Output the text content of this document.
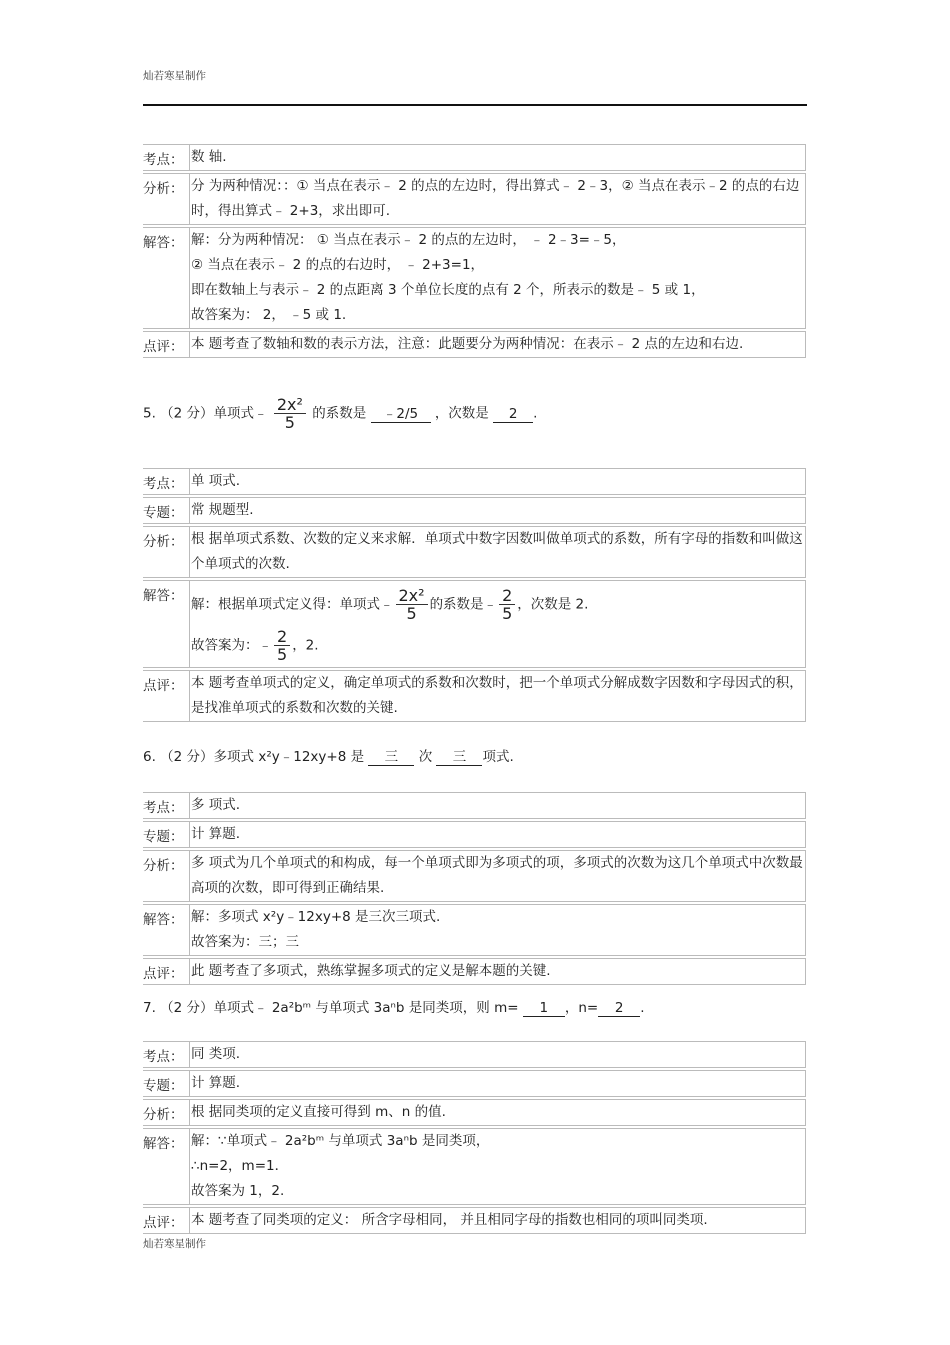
灿若寒星制作
考点： 数 轴.
分析： 分 为两种情况：：① 当点在表示﹣ 2 的点的左边时，得出算式﹣ 2﹣3，② 当点在表示﹣2 的点的右边时，得出算式﹣ 2+3，求出即可.
解答： 解：分为两种情况： ① 当点在表示﹣ 2 的点的左边时， ﹣ 2﹣3=﹣5，
② 当点在表示﹣ 2 的点的右边时， ﹣ 2+3=1，
即在数轴上与表示﹣ 2 的点距离 3 个单位长度的点有 2 个，所表示的数是﹣ 5 或 1，
故答案为： 2， ﹣5 或 1.
点评： 本 题考查了数轴和数的表示方法，注意：此题要分为两种情况：在表示﹣ 2 点的左边和右边.
5. （2 分）单项式﹣ $\frac{\text{2x²}}{5}$ 的系数是 ﹣2/5 ，次数是 2 .
考点： 单 项式.
专题： 常 规题型.
分析： 根 据单项式系数、次数的定义来求解．单项式中数字因数叫做单项式的系数，所有字母的指数和叫做这个单项式的次数.
解答：
解：根据单项式定义得：单项式﹣ $\frac{\text{2x²}}{5}$ 的系数是﹣ $\frac{2}{5}$ ，次数是 2.
故答案为：﹣ $\frac{2}{5}$ ，2.
点评： 本 题考查单项式的定义，确定单项式的系数和次数时，把一个单项式分解成数字因数和字母因式的积，是找准单项式的系数和次数的关键.
6. （2 分）多项式 x²y﹣12xy+8 是 三 次 三 项式.
考点： 多 项式.
专题： 计 算题.
分析： 多 项式为几个单项式的和构成，每一个单项式即为多项式的项，多项式的次数为这几个单项式中次数最高项的次数，即可得到正确结果.
解答： 解：多项式 x²y﹣12xy+8 是三次三项式.
故答案为：三；三
点评： 此 题考查了多项式，熟练掌握多项式的定义是解本题的关键.
7. （2 分）单项式﹣ 2a²bᵐ 与单项式 3aⁿb 是同类项，则 m= 1 ，n= 2 .
考点： 同 类项.
专题： 计 算题.
分析： 根 据同类项的定义直接可得到 m、n 的值.
解答： 解：∵单项式﹣ 2a²bᵐ 与单项式 3aⁿb 是同类项，
∴n=2，m=1．
故答案为 1，2.
点评： 本 题考查了同类项的定义： 所含字母相同， 并且相同字母的指数也相同的项叫同类项.
灿若寒星制作
